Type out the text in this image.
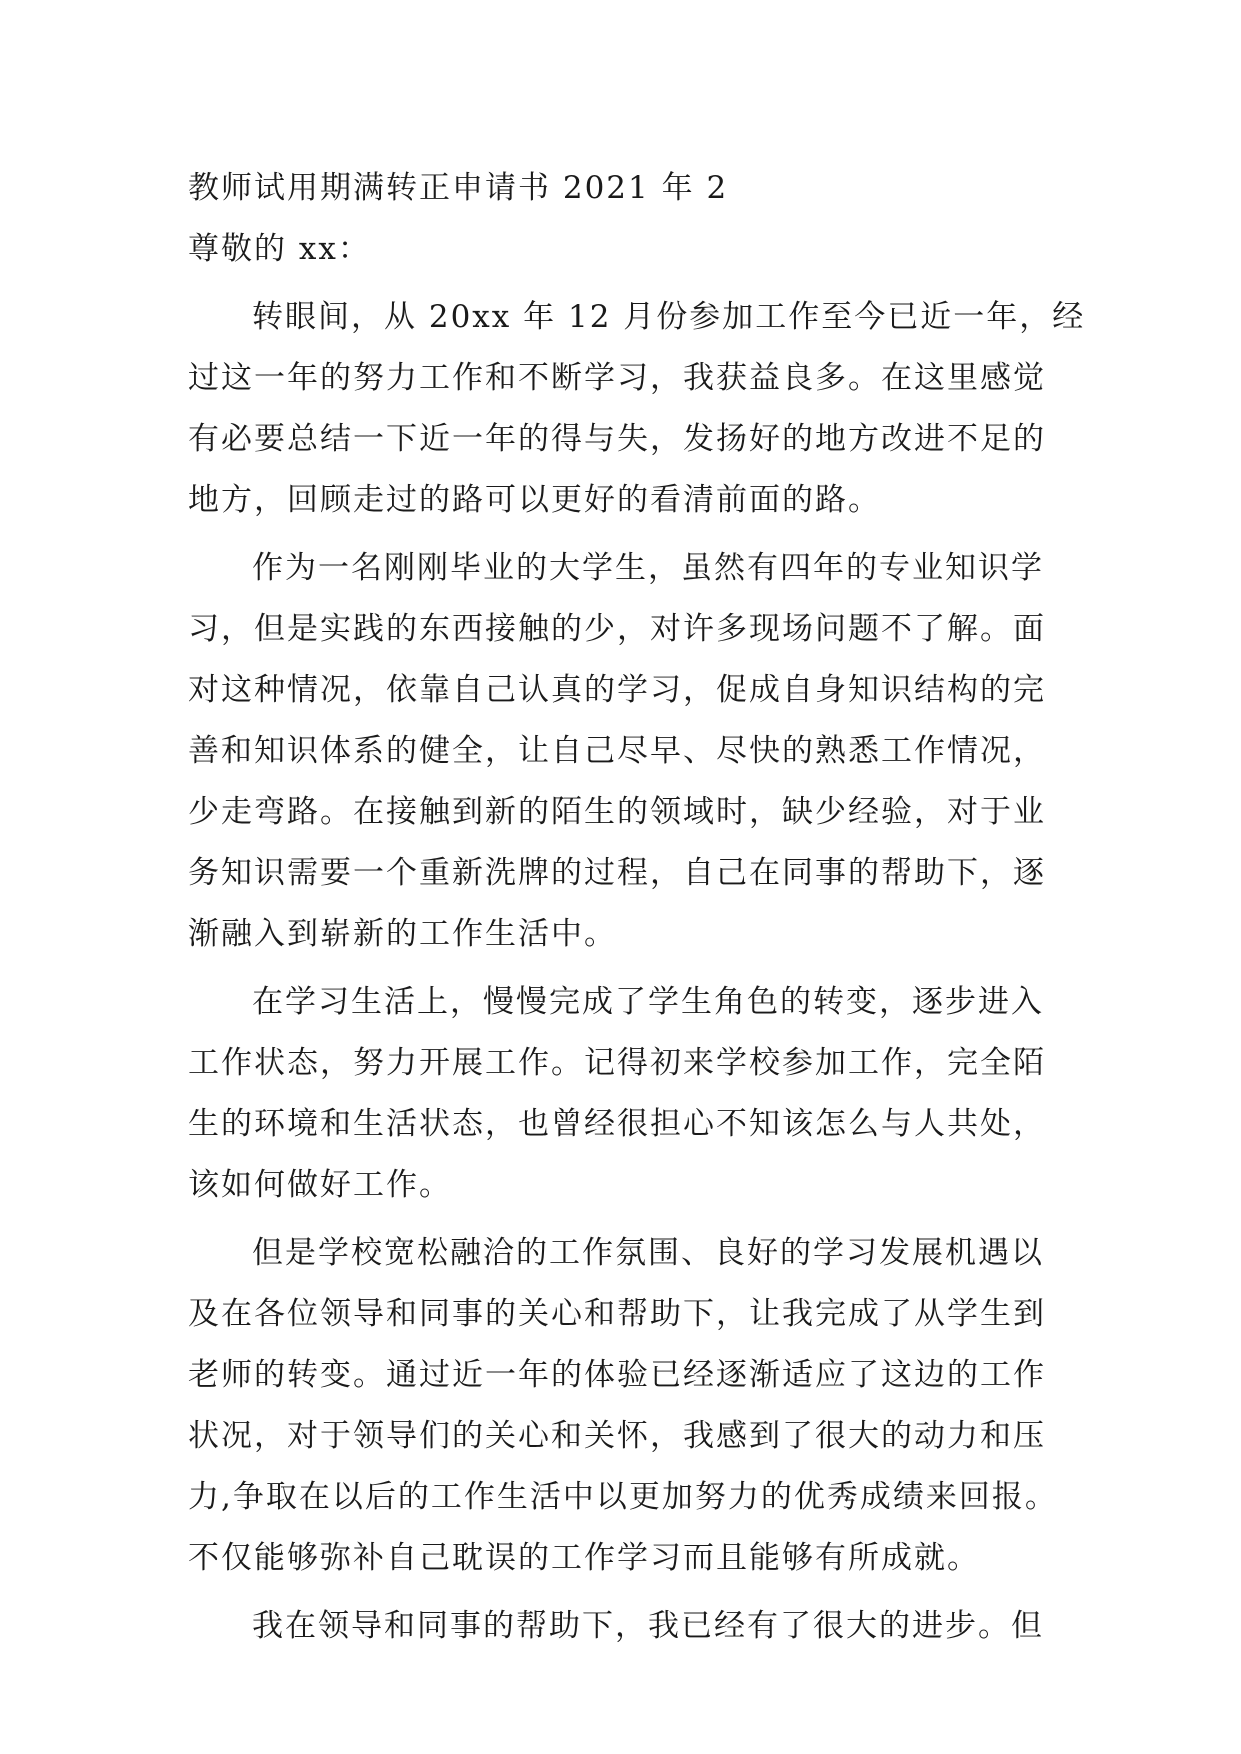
教师试用期满转正申请书 2021 年 2
尊敬的 xx：
转眼间，从 20xx 年 12 月份参加工作至今已近一年，经
过这一年的努力工作和不断学习，我获益良多。在这里感觉
有必要总结一下近一年的得与失，发扬好的地方改进不足的
地方，回顾走过的路可以更好的看清前面的路。
作为一名刚刚毕业的大学生，虽然有四年的专业知识学
习，但是实践的东西接触的少，对许多现场问题不了解。面
对这种情况，依靠自己认真的学习，促成自身知识结构的完
善和知识体系的健全，让自己尽早、尽快的熟悉工作情况，
少走弯路。在接触到新的陌生的领域时，缺少经验，对于业
务知识需要一个重新洗牌的过程，自己在同事的帮助下，逐
渐融入到崭新的工作生活中。
在学习生活上，慢慢完成了学生角色的转变，逐步进入
工作状态，努力开展工作。记得初来学校参加工作，完全陌
生的环境和生活状态，也曾经很担心不知该怎么与人共处，
该如何做好工作。
但是学校宽松融洽的工作氛围、良好的学习发展机遇以
及在各位领导和同事的关心和帮助下，让我完成了从学生到
老师的转变。通过近一年的体验已经逐渐适应了这边的工作
状况，对于领导们的关心和关怀，我感到了很大的动力和压
力,争取在以后的工作生活中以更加努力的优秀成绩来回报。
不仅能够弥补自己耽误的工作学习而且能够有所成就。
我在领导和同事的帮助下，我已经有了很大的进步。但
